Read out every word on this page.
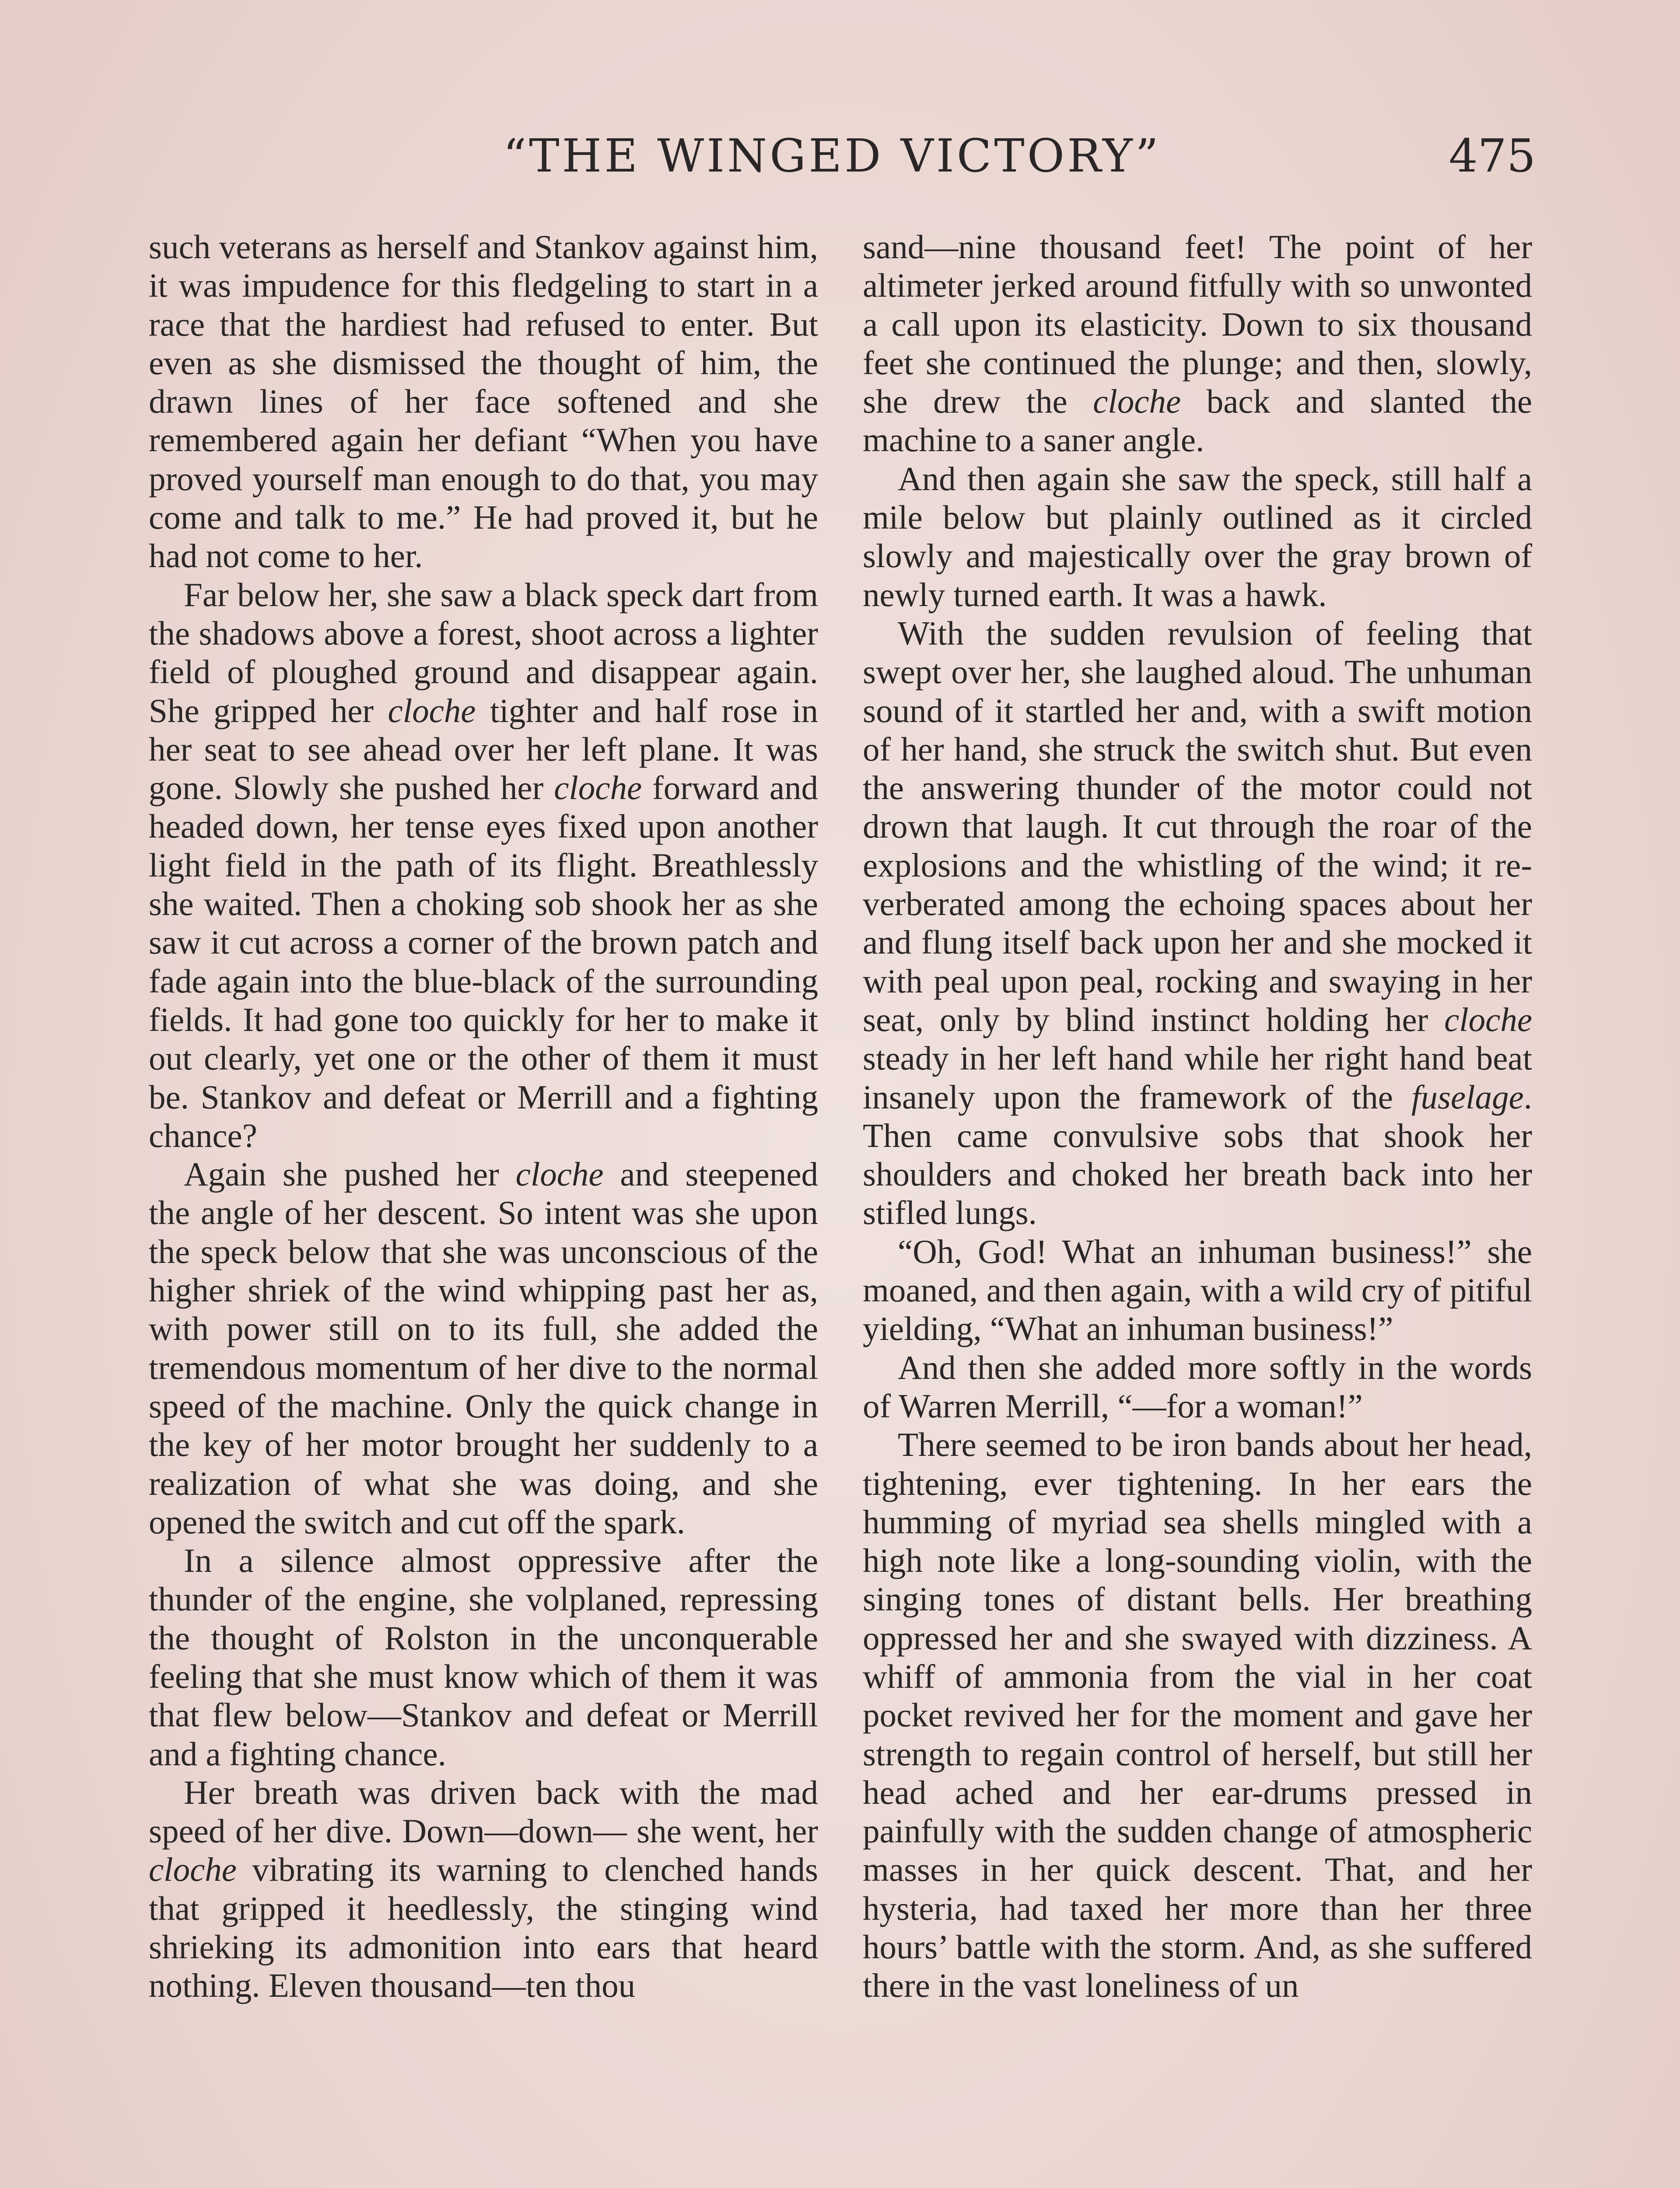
“THE WINGED VICTORY”	475

such veterans as herself and Stankov against him, it was impudence for this fledgeling to start in a race that the hardiest had refused to enter. But even as she dismissed the thought of him, the drawn lines of her face softened and she remembered again her defiant “When you have proved yourself man enough to do that, you may come and talk to me.” He had proved it, but he had not come to her.

Far below her, she saw a black speck dart from the shadows above a forest, shoot across a lighter field of ploughed ground and disappear again. She gripped her cloche tighter and half rose in her seat to see ahead over her left plane. It was gone. Slowly she pushed her cloche forward and headed down, her tense eyes fixed upon another light field in the path of its flight. Breathlessly she waited. Then a choking sob shook her as she saw it cut across a corner of the brown patch and fade again into the blue-black of the surrounding fields. It had gone too quickly for her to make it out clearly, yet one or the other of them it must be. Stankov and defeat or Merrill and a fighting chance?

Again she pushed her cloche and steepened the angle of her descent. So intent was she upon the speck below that she was unconscious of the higher shriek of the wind whipping past her as, with power still on to its full, she added the tremendous momentum of her dive to the normal speed of the machine. Only the quick change in the key of her motor brought her suddenly to a realization of what she was doing, and she opened the switch and cut off the spark.

In a silence almost oppressive after the thunder of the engine, she volplaned, repressing the thought of Rolston in the unconquerable feeling that she must know which of them it was that flew below—Stankov and defeat or Merrill and a fighting chance.

Her breath was driven back with the mad speed of her dive. Down—down— she went, her cloche vibrating its warning to clenched hands that gripped it heedlessly, the stinging wind shrieking its admonition into ears that heard nothing. Eleven thousand—ten thou

sand—nine thousand feet! The point of her altimeter jerked around fitfully with so unwonted a call upon its elasticity. Down to six thousand feet she continued the plunge; and then, slowly, she drew the cloche back and slanted the machine to a saner angle.

And then again she saw the speck, still half a mile below but plainly outlined as it circled slowly and majestically over the gray brown of newly turned earth. It was a hawk.

With the sudden revulsion of feeling that swept over her, she laughed aloud. The unhuman sound of it startled her and, with a swift motion of her hand, she struck the switch shut. But even the answering thunder of the motor could not drown that laugh. It cut through the roar of the explosions and the whistling of the wind; it reverberated among the echoing spaces about her and flung itself back upon her and she mocked it with peal upon peal, rocking and swaying in her seat, only by blind instinct holding her cloche steady in her left hand while her right hand beat insanely upon the framework of the fuselage. Then came convulsive sobs that shook her shoulders and choked her breath back into her stifled lungs.

“Oh, God! What an inhuman business!” she moaned, and then again, with a wild cry of pitiful yielding, “What an inhuman business!”

And then she added more softly in the words of Warren Merrill, “—for a woman!”

There seemed to be iron bands about her head, tightening, ever tightening. In her ears the humming of myriad sea shells mingled with a high note like a long-sounding violin, with the singing tones of distant bells. Her breathing oppressed her and she swayed with dizziness. A whiff of ammonia from the vial in her coat pocket revived her for the moment and gave her strength to regain control of herself, but still her head ached and her ear-drums pressed in painfully with the sudden change of atmospheric masses in her quick descent. That, and her hysteria, had taxed her more than her three hours’ battle with the storm. And, as she suffered there in the vast loneliness of un
